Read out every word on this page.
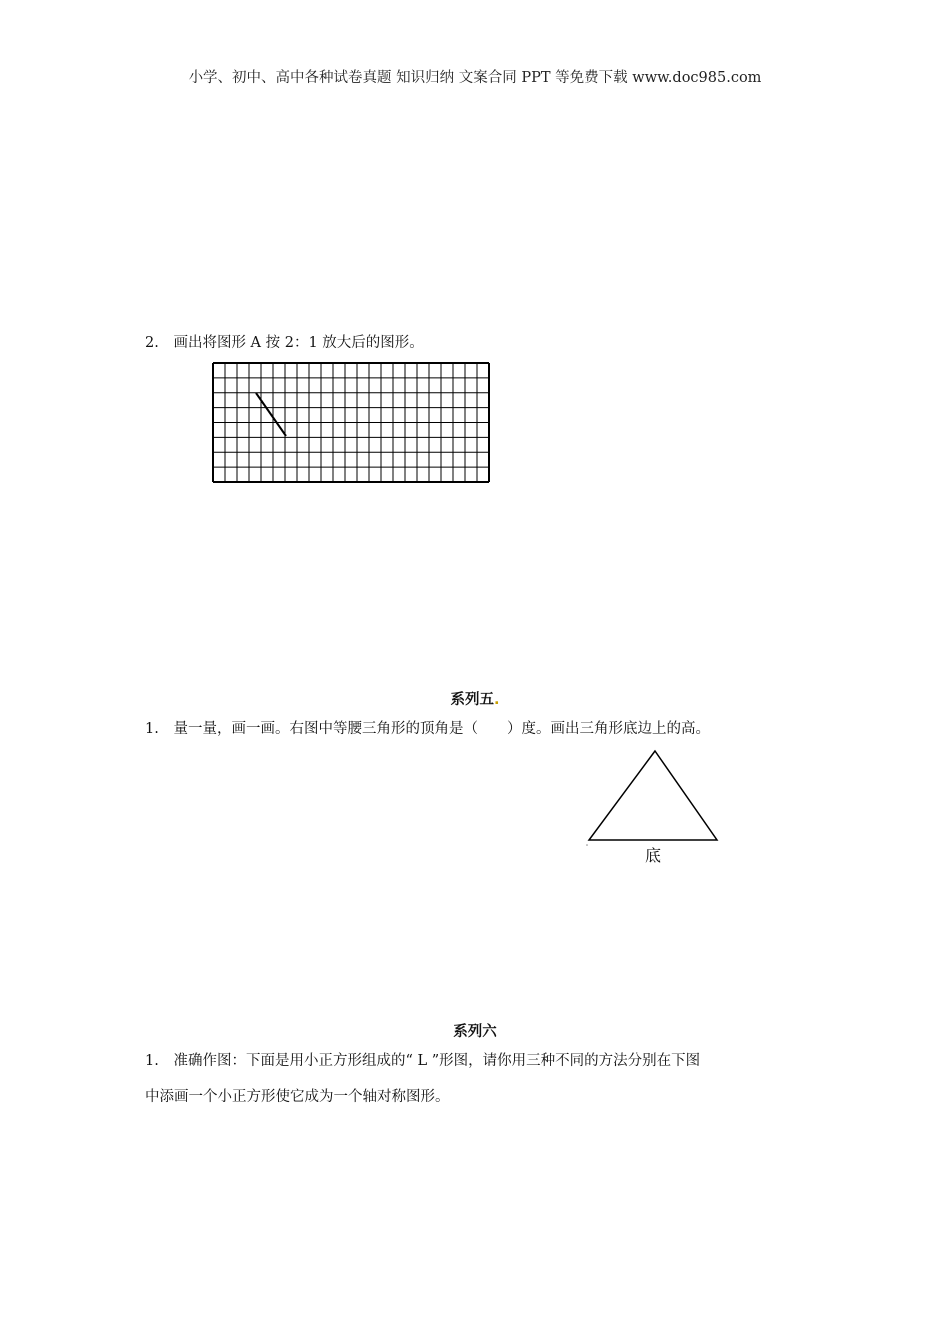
小学、初中、高中各种试卷真题 知识归纳 文案合同 PPT 等免费下载 www.doc985.com
2. 画出将图形 A 按 2：1 放大后的图形。
系列五.
1. 量一量，画一画。右图中等腰三角形的顶角是（　　）度。画出三角形底边上的高。
底
系列六
1. 准确作图：下面是用小正方形组成的“ L ”形图，请你用三种不同的方法分别在下图
中添画一个小正方形使它成为一个轴对称图形。
